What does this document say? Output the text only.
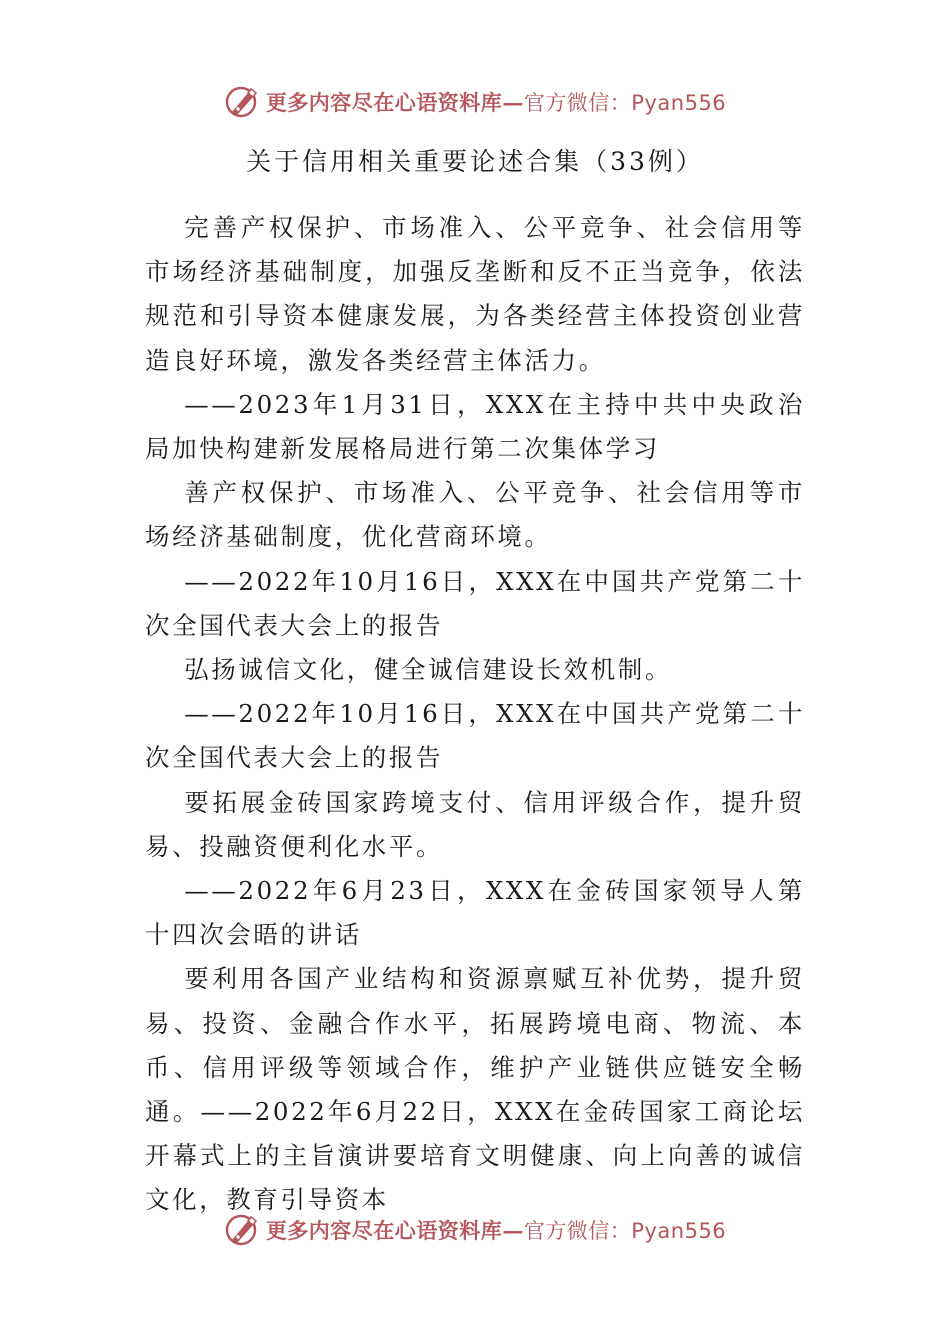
更多内容尽在心语资料库 — 官方微信：Pyan556
关于信用相关重要论述合集（33例）

完善产权保护、市场准入、公平竞争、社会信用等市场经济基础制度，加强反垄断和反不正当竞争，依法规范和引导资本健康发展，为各类经营主体投资创业营造良好环境，激发各类经营主体活力。

——2023年1月31日，XXX在主持中共中央政治局加快构建新发展格局进行第二次集体学习

善产权保护、市场准入、公平竞争、社会信用等市场经济基础制度，优化营商环境。

——2022年10月16日，XXX在中国共产党第二十次全国代表大会上的报告

弘扬诚信文化，健全诚信建设长效机制。

——2022年10月16日，XXX在中国共产党第二十次全国代表大会上的报告

要拓展金砖国家跨境支付、信用评级合作，提升贸易、投融资便利化水平。

——2022年6月23日，XXX在金砖国家领导人第十四次会晤的讲话

要利用各国产业结构和资源禀赋互补优势，提升贸易、投资、金融合作水平，拓展跨境电商、物流、本币、信用评级等领域合作，维护产业链供应链安全畅通。——2022年6月22日，XXX在金砖国家工商论坛开幕式上的主旨演讲要培育文明健康、向上向善的诚信文化，教育引导资本

更多内容尽在心语资料库 — 官方微信：Pyan556
